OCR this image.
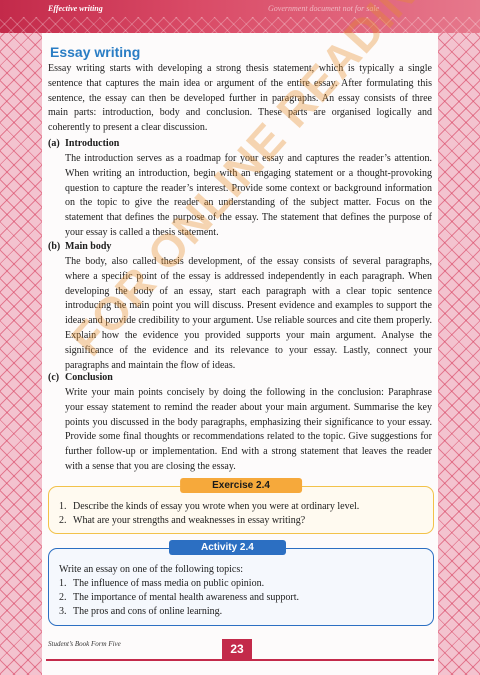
Effective writing	Government document not for sale
Essay writing
Essay writing starts with developing a strong thesis statement, which is typically a single sentence that captures the main idea or argument of the entire essay. After formulating this sentence, the essay can then be developed further in paragraphs. An essay consists of three main parts: introduction, body and conclusion. These parts are organised logically and coherently to present a clear discussion.
(a) Introduction
The introduction serves as a roadmap for your essay and captures the reader’s attention. When writing an introduction, begin with an engaging statement or a thought-provoking question to capture the reader’s interest. Provide some context or background information on the topic to give the reader an understanding of the subject matter. Focus on the statement that defines the purpose of the essay. The statement that defines the purpose of your essay is called a thesis statement.
(b) Main body
The body, also called thesis development, of the essay consists of several paragraphs, where a specific point of the essay is addressed independently in each paragraph. When developing the body of an essay, start each paragraph with a clear topic sentence introducing the main point you will discuss. Present evidence and examples to support the ideas and provide credibility to your argument. Use reliable sources and cite them properly. Explain how the evidence you provided supports your main argument. Analyse the significance of the evidence and its relevance to your essay. Lastly, connect your paragraphs and maintain the flow of ideas.
(c) Conclusion
Write your main points concisely by doing the following in the conclusion: Paraphrase your essay statement to remind the reader about your main argument. Summarise the key points you discussed in the body paragraphs, emphasizing their significance to your essay. Provide some final thoughts or recommendations related to the topic. Give suggestions for further follow-up or implementation. End with a strong statement that leaves the reader with a sense that you are closing the essay.
Exercise 2.4
1. Describe the kinds of essay you wrote when you were at ordinary level.
2. What are your strengths and weaknesses in essay writing?
Activity 2.4
Write an essay on one of the following topics:
1. The influence of mass media on public opinion.
2. The importance of mental health awareness and support.
3. The pros and cons of online learning.
FOR ONLINE READING
Student’s Book Form Five	23
